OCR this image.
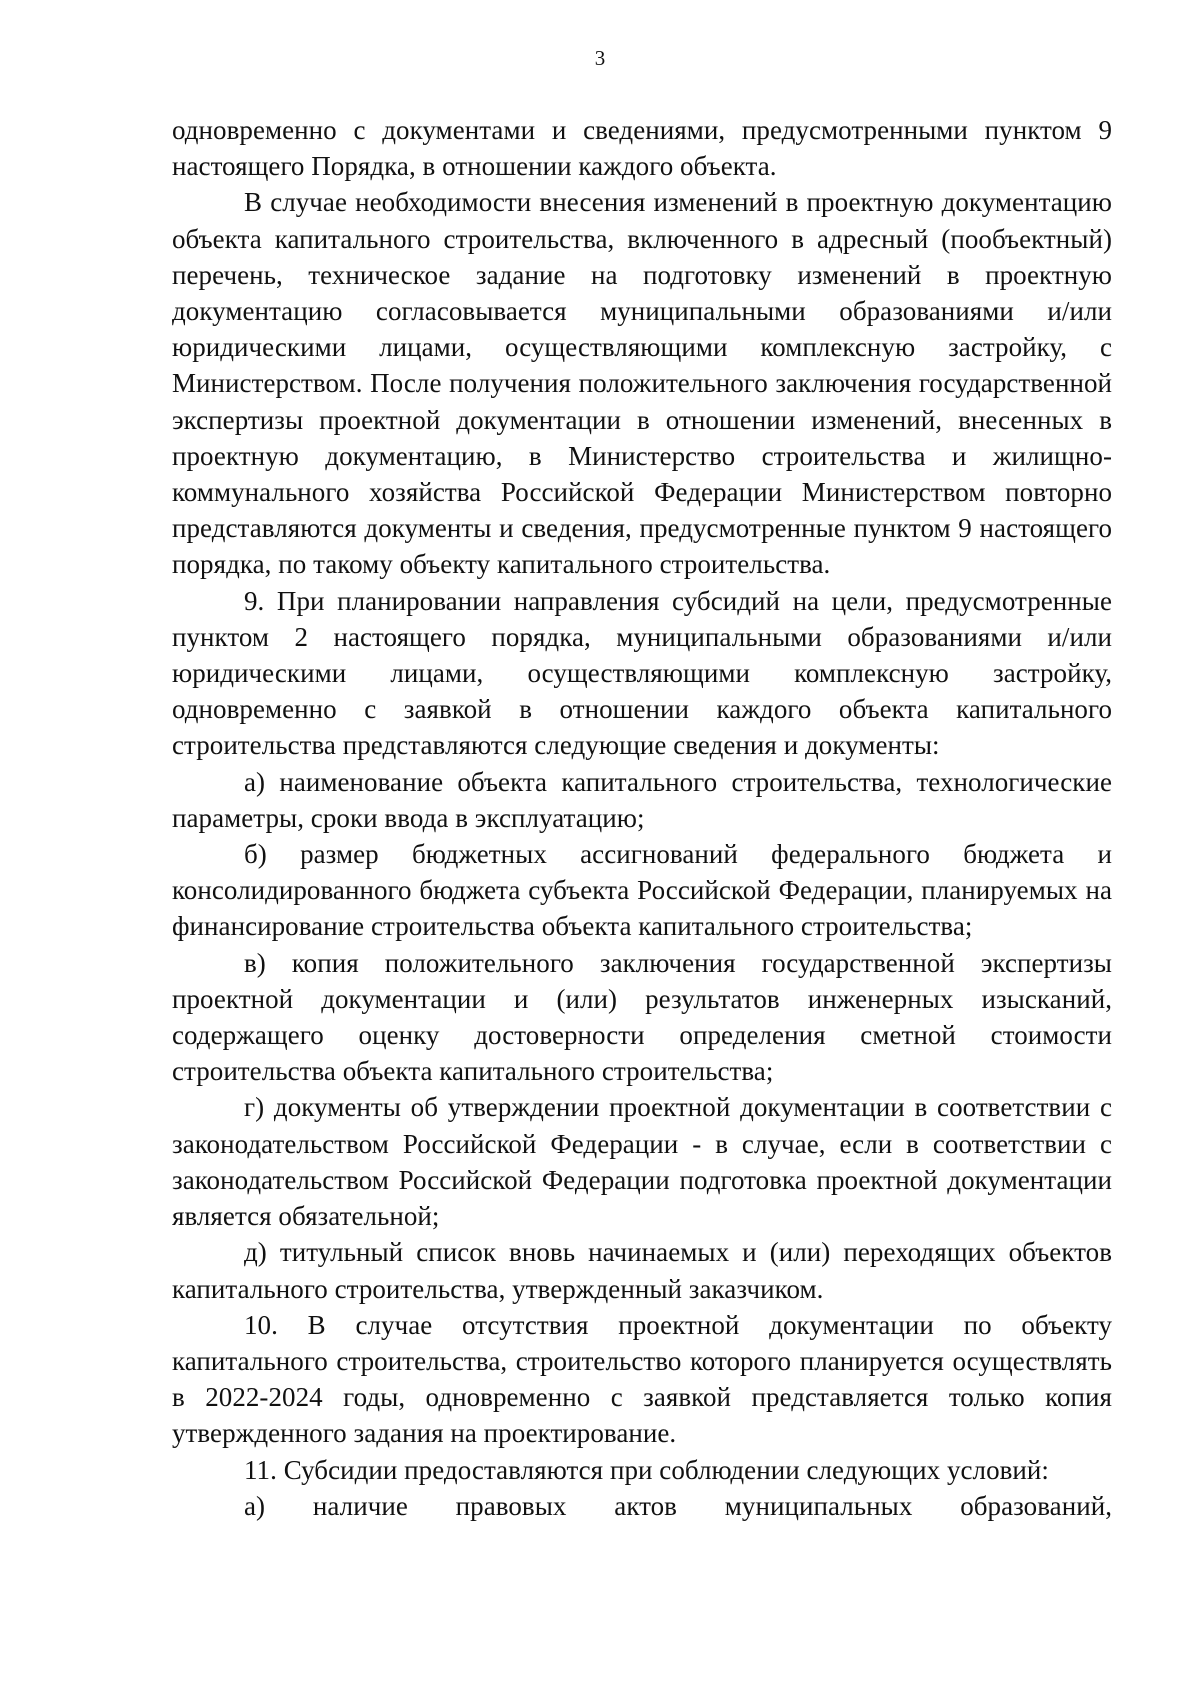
3

одновременно с документами и сведениями, предусмотренными пунктом 9 настоящего Порядка, в отношении каждого объекта.

В случае необходимости внесения изменений в проектную документацию объекта капитального строительства, включенного в адресный (пообъектный) перечень, техническое задание на подготовку изменений в проектную документацию согласовывается муниципальными образованиями и/или юридическими лицами, осуществляющими комплексную застройку, с Министерством. После получения положительного заключения государственной экспертизы проектной документации в отношении изменений, внесенных в проектную документацию, в Министерство строительства и жилищно-коммунального хозяйства Российской Федерации Министерством повторно представляются документы и сведения, предусмотренные пунктом 9 настоящего порядка, по такому объекту капитального строительства.

9. При планировании направления субсидий на цели, предусмотренные пунктом 2 настоящего порядка, муниципальными образованиями и/или юридическими лицами, осуществляющими комплексную застройку, одновременно с заявкой в отношении каждого объекта капитального строительства представляются следующие сведения и документы:

а) наименование объекта капитального строительства, технологические параметры, сроки ввода в эксплуатацию;

б) размер бюджетных ассигнований федерального бюджета и консолидированного бюджета субъекта Российской Федерации, планируемых на финансирование строительства объекта капитального строительства;

в) копия положительного заключения государственной экспертизы проектной документации и (или) результатов инженерных изысканий, содержащего оценку достоверности определения сметной стоимости строительства объекта капитального строительства;

г) документы об утверждении проектной документации в соответствии с законодательством Российской Федерации - в случае, если в соответствии с законодательством Российской Федерации подготовка проектной документации является обязательной;

д) титульный список вновь начинаемых и (или) переходящих объектов капитального строительства, утвержденный заказчиком.

10. В случае отсутствия проектной документации по объекту капитального строительства, строительство которого планируется осуществлять в 2022-2024 годы, одновременно с заявкой представляется только копия утвержденного задания на проектирование.

11. Субсидии предоставляются при соблюдении следующих условий:

а) наличие правовых актов муниципальных образований,
